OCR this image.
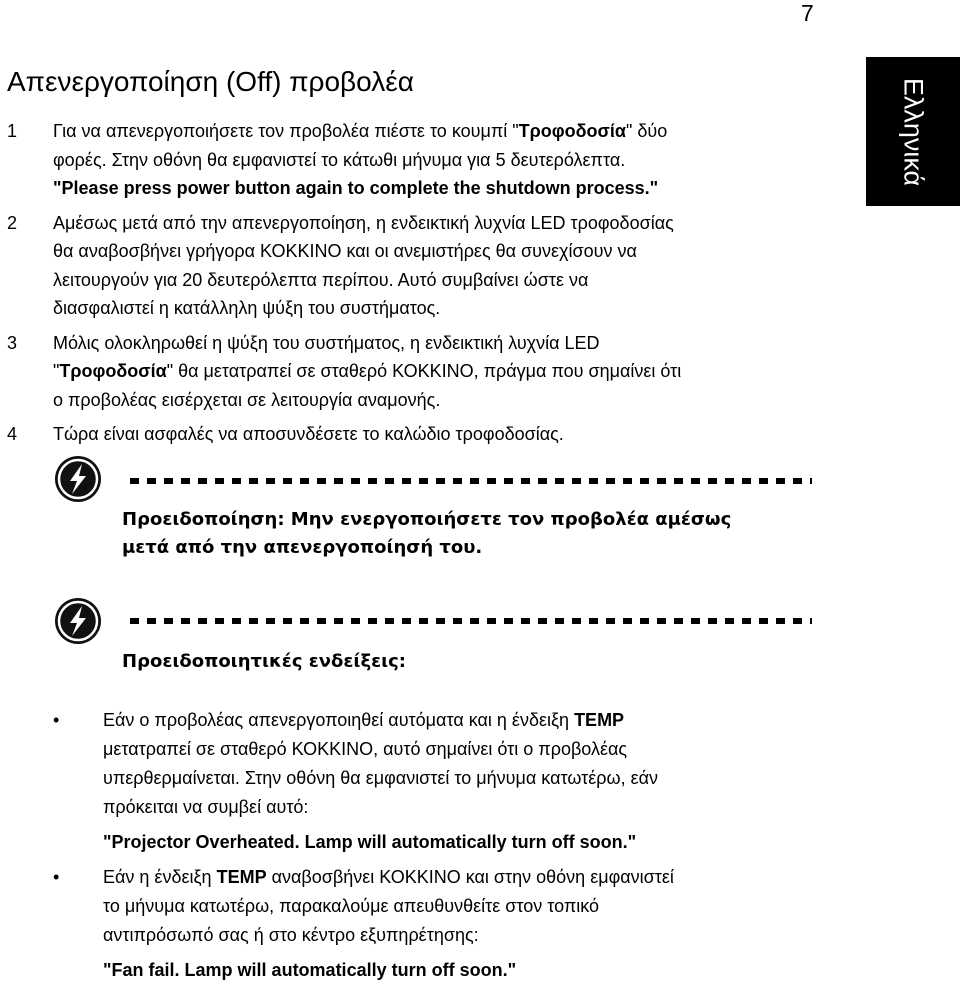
7
Ελληνικά
Απενεργοποίηση (Off) προβολέα
1 Για να απενεργοποιήσετε τον προβολέα πιέστε το κουμπί "Τροφοδοσία" δύο
φορές. Στην οθόνη θα εμφανιστεί το κάτωθι μήνυμα για 5 δευτερόλεπτα.
"Please press power button again to complete the shutdown process."
2 Αμέσως μετά από την απενεργοποίηση, η ενδεικτική λυχνία LED τροφοδοσίας
θα αναβοσβήνει γρήγορα ΚΟΚΚΙΝΟ και οι ανεμιστήρες θα συνεχίσουν να
λειτουργούν για 20 δευτερόλεπτα περίπου. Αυτό συμβαίνει ώστε να
διασφαλιστεί η κατάλληλη ψύξη του συστήματος.
3 Μόλις ολοκληρωθεί η ψύξη του συστήματος, η ενδεικτική λυχνία LED
"Τροφοδοσία" θα μετατραπεί σε σταθερό ΚΟΚΚΙΝΟ, πράγμα που σημαίνει ότι
ο προβολέας εισέρχεται σε λειτουργία αναμονής.
4 Τώρα είναι ασφαλές να αποσυνδέσετε το καλώδιο τροφοδοσίας.
Προειδοποίηση: Μην ενεργοποιήσετε τον προβολέα αμέσως
μετά από την απενεργοποίησή του.
Προειδοποιητικές ενδείξεις:
• Εάν ο προβολέας απενεργοποιηθεί αυτόματα και η ένδειξη TEMP
μετατραπεί σε σταθερό ΚΟΚΚΙΝΟ, αυτό σημαίνει ότι ο προβολέας
υπερθερμαίνεται. Στην οθόνη θα εμφανιστεί το μήνυμα κατωτέρω, εάν
πρόκειται να συμβεί αυτό:
"Projector Overheated. Lamp will automatically turn off soon."
• Εάν η ένδειξη TEMP αναβοσβήνει ΚΟΚΚΙΝΟ και στην οθόνη εμφανιστεί
το μήνυμα κατωτέρω, παρακαλούμε απευθυνθείτε στον τοπικό
αντιπρόσωπό σας ή στο κέντρο εξυπηρέτησης:
"Fan fail. Lamp will automatically turn off soon."
